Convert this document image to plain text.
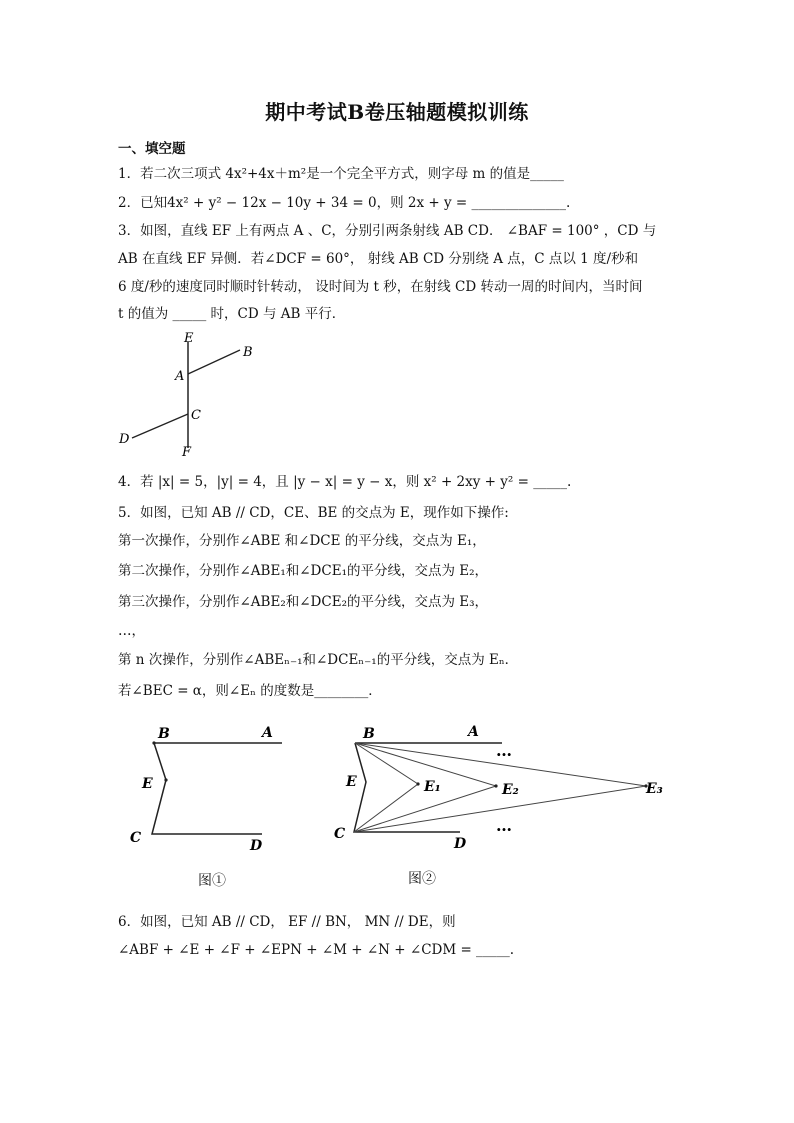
期中考试B卷压轴题模拟训练
一、填空题
1．若二次三项式 4x²+4x＋m²是一个完全平方式，则字母 m 的值是_____
2．已知4x² + y² − 12x − 10y + 34 = 0，则 2x + y = ______________.
3．如图，直线 EF 上有两点 A 、C，分别引两条射线 AB CD． ∠BAF = 100° ，CD 与
AB 在直线 EF 异侧．若∠DCF = 60°， 射线 AB CD 分别绕 A 点，C 点以 1 度/秒和
6 度/秒的速度同时顺时针转动， 设时间为 t 秒，在射线 CD 转动一周的时间内，当时间
t 的值为 _____ 时，CD 与 AB 平行．
E
B
A
C
D
F
4．若 |x| = 5，|y| = 4，且 |y − x| = y − x，则 x² + 2xy + y² = _____.
5．如图，已知 AB // CD，CE、BE 的交点为 E，现作如下操作:
第一次操作，分别作∠ABE 和∠DCE 的平分线，交点为 E₁，
第二次操作，分别作∠ABE₁和∠DCE₁的平分线，交点为 E₂，
第三次操作，分别作∠ABE₂和∠DCE₂的平分线，交点为 E₃，
…，
第 n 次操作，分别作∠ABEₙ₋₁和∠DCEₙ₋₁的平分线，交点为 Eₙ．
若∠BEC = α，则∠Eₙ 的度数是________．
B	A
E
C	D
图①
B	A
…
E	E₁	E₂	E₃
…
C
D
图②
6．如图，已知 AB // CD， EF // BN， MN // DE，则
∠ABF + ∠E + ∠F + ∠EPN + ∠M + ∠N + ∠CDM = _____.
